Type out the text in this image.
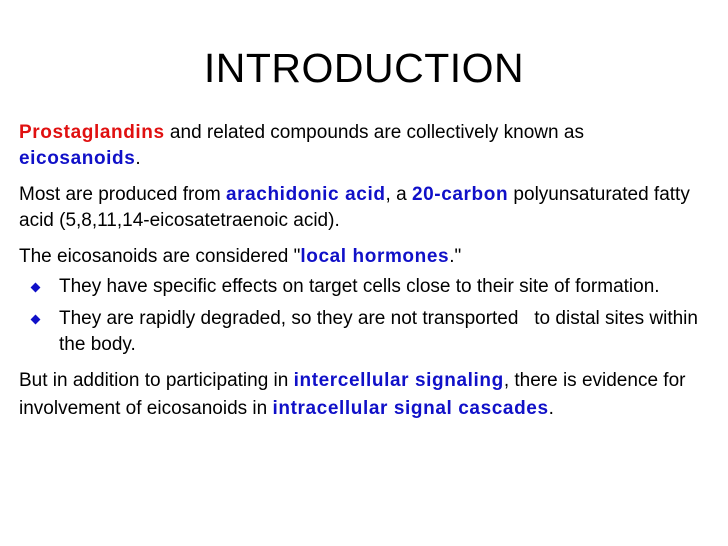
INTRODUCTION

Prostaglandins and related compounds are collectively known as eicosanoids.

Most are produced from arachidonic acid, a 20-carbon polyunsaturated fatty acid (5,8,11,14-eicosatetraenoic acid).

The eicosanoids are considered "local hormones."

They have specific effects on target cells close to their site of formation.
They are rapidly degraded, so they are not transported   to distal sites within the body.

But in addition to participating in intercellular signaling, there is evidence for involvement of eicosanoids in intracellular signal cascades.
